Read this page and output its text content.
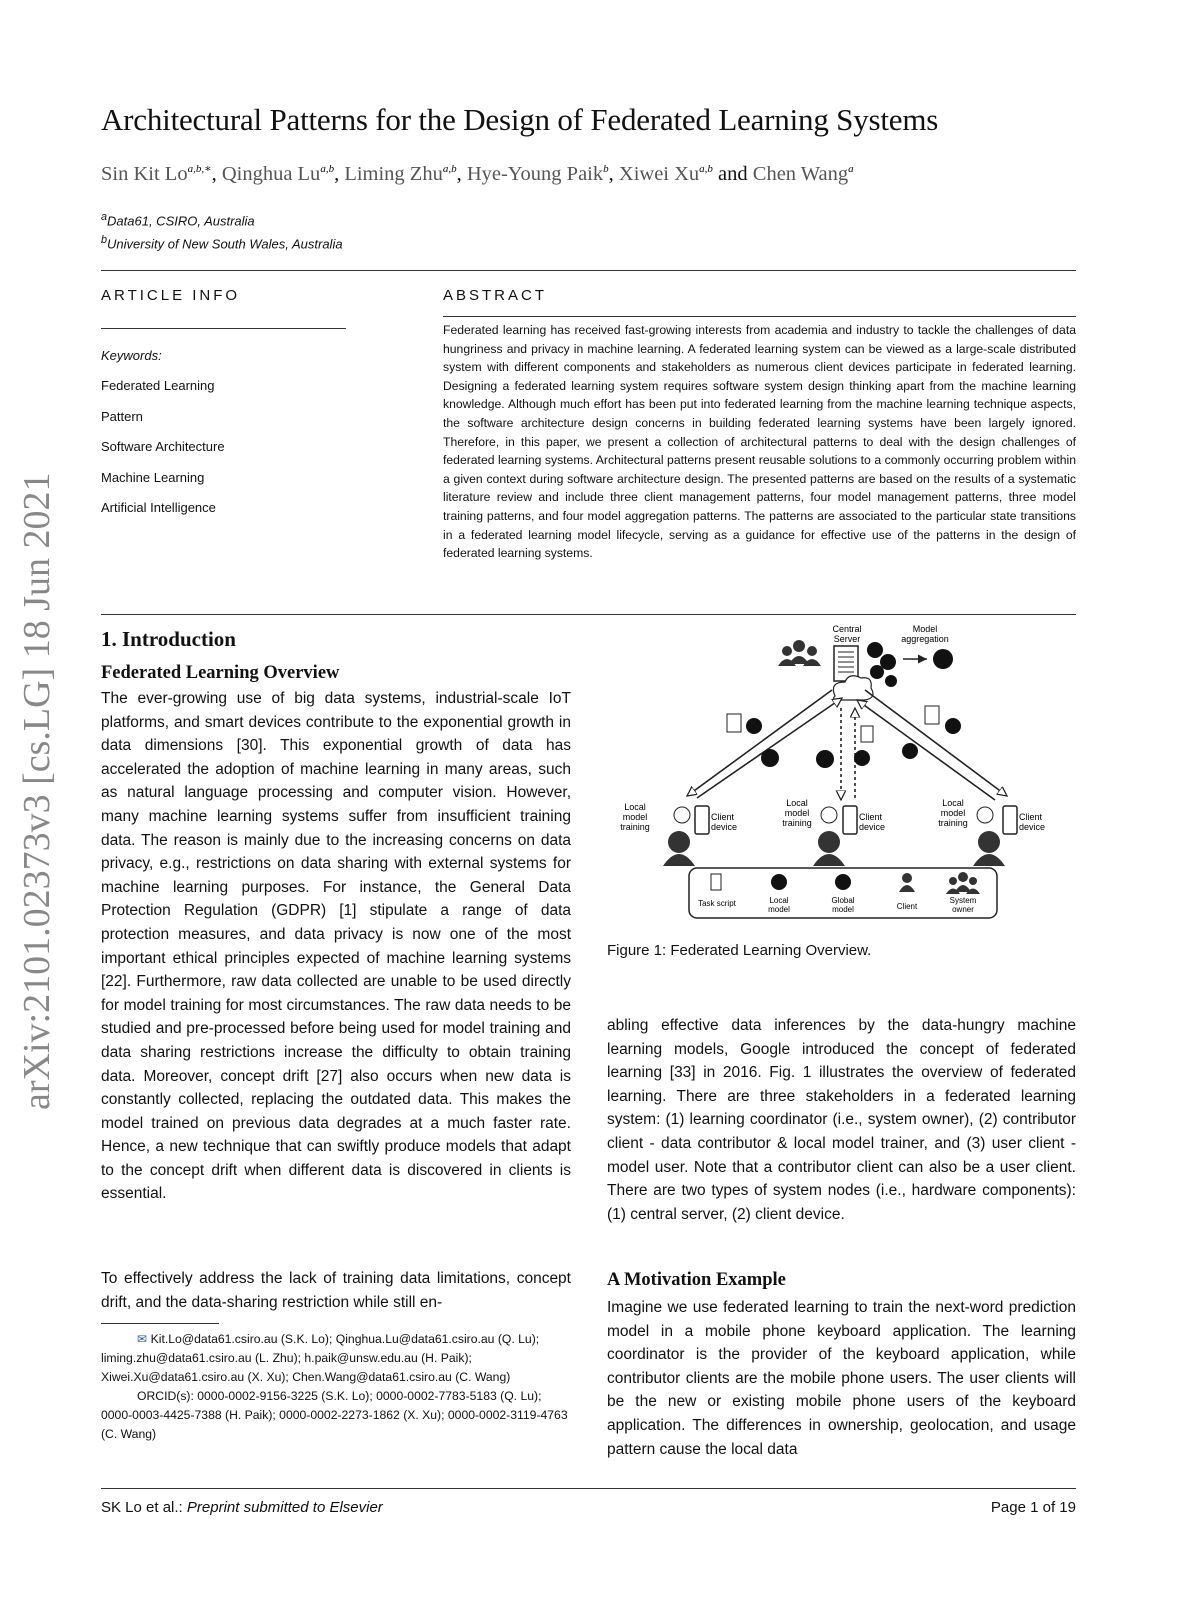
arXiv:2101.02373v3 [cs.LG] 18 Jun 2021
Architectural Patterns for the Design of Federated Learning Systems
Sin Kit $Lo^{a,b,∗}$, Qinghua Lu$^{a,b}$, Liming Zhu$^{a,b}$, Hye-Young Paik$^b$, Xiwei Xu$^{a,b}$ and Chen Wang$^a$
$^a$Data61, CSIRO, Australia
$^b$University of New South Wales, Australia
ARTICLE INFO
Keywords:
Federated Learning
Pattern
Software Architecture
Machine Learning
Artificial Intelligence
ABSTRACT
Federated learning has received fast-growing interests from academia and industry to tackle the challenges of data hungriness and privacy in machine learning. A federated learning system can be viewed as a large-scale distributed system with different components and stakeholders as numerous client devices participate in federated learning. Designing a federated learning system requires software system design thinking apart from the machine learning knowledge. Although much effort has been put into federated learning from the machine learning technique aspects, the software architecture design concerns in building federated learning systems have been largely ignored. Therefore, in this paper, we present a collection of architectural patterns to deal with the design challenges of federated learning systems. Architectural patterns present reusable solutions to a commonly occurring problem within a given context during software architecture design. The presented patterns are based on the results of a systematic literature review and include three client management patterns, four model management patterns, three model training patterns, and four model aggregation patterns. The patterns are associated to the particular state transitions in a federated learning model lifecycle, serving as a guidance for effective use of the patterns in the design of federated learning systems.
1. Introduction
Federated Learning Overview
The ever-growing use of big data systems, industrial-scale IoT platforms, and smart devices contribute to the exponential growth in data dimensions [30]. This exponential growth of data has accelerated the adoption of machine learning in many areas, such as natural language processing and computer vision. However, many machine learning systems suffer from insufficient training data. The reason is mainly due to the increasing concerns on data privacy, e.g., restrictions on data sharing with external systems for machine learning purposes. For instance, the General Data Protection Regulation (GDPR) [1] stipulate a range of data protection measures, and data privacy is now one of the most important ethical principles expected of machine learning systems [22]. Furthermore, raw data collected are unable to be used directly for model training for most circumstances. The raw data needs to be studied and pre-processed before being used for model training and data sharing restrictions increase the difficulty to obtain training data. Moreover, concept drift [27] also occurs when new data is constantly collected, replacing the outdated data. This makes the model trained on previous data degrades at a much faster rate. Hence, a new technique that can swiftly produce models that adapt to the concept drift when different data is discovered in clients is essential.
To effectively address the lack of training data limitations, concept drift, and the data-sharing restriction while still en-
✉ Kit.Lo@data61.csiro.au (S.K. Lo); Qinghua.Lu@data61.csiro.au (Q. Lu); liming.zhu@data61.csiro.au (L. Zhu); h.paik@unsw.edu.au (H. Paik); Xiwei.Xu@data61.csiro.au (X. Xu); Chen.Wang@data61.csiro.au (C. Wang)
ORCID(s): 0000-0002-9156-3225 (S.K. Lo); 0000-0002-7783-5183 (Q. Lu); 0000-0003-4425-7388 (H. Paik); 0000-0002-2273-1862 (X. Xu); 0000-0002-3119-4763 (C. Wang)
Central
Server
Model
aggregation
Local
model
training
Client
device
Local
model
training
Client
device
Local
model
training
Client
device
Task script	Local
model
Global
model	Client
System
owner
Figure 1: Federated Learning Overview.
abling effective data inferences by the data-hungry machine learning models, Google introduced the concept of federated learning [33] in 2016. Fig. 1 illustrates the overview of federated learning. There are three stakeholders in a federated learning system: (1) learning coordinator (i.e., system owner), (2) contributor client - data contributor & local model trainer, and (3) user client - model user. Note that a contributor client can also be a user client. There are two types of system nodes (i.e., hardware components): (1) central server, (2) client device.
A Motivation Example
Imagine we use federated learning to train the next-word prediction model in a mobile phone keyboard application. The learning coordinator is the provider of the keyboard application, while contributor clients are the mobile phone users. The user clients will be the new or existing mobile phone users of the keyboard application. The differences in ownership, geolocation, and usage pattern cause the local data
SK Lo et al.: Preprint submitted to Elsevier	Page 1 of 19
